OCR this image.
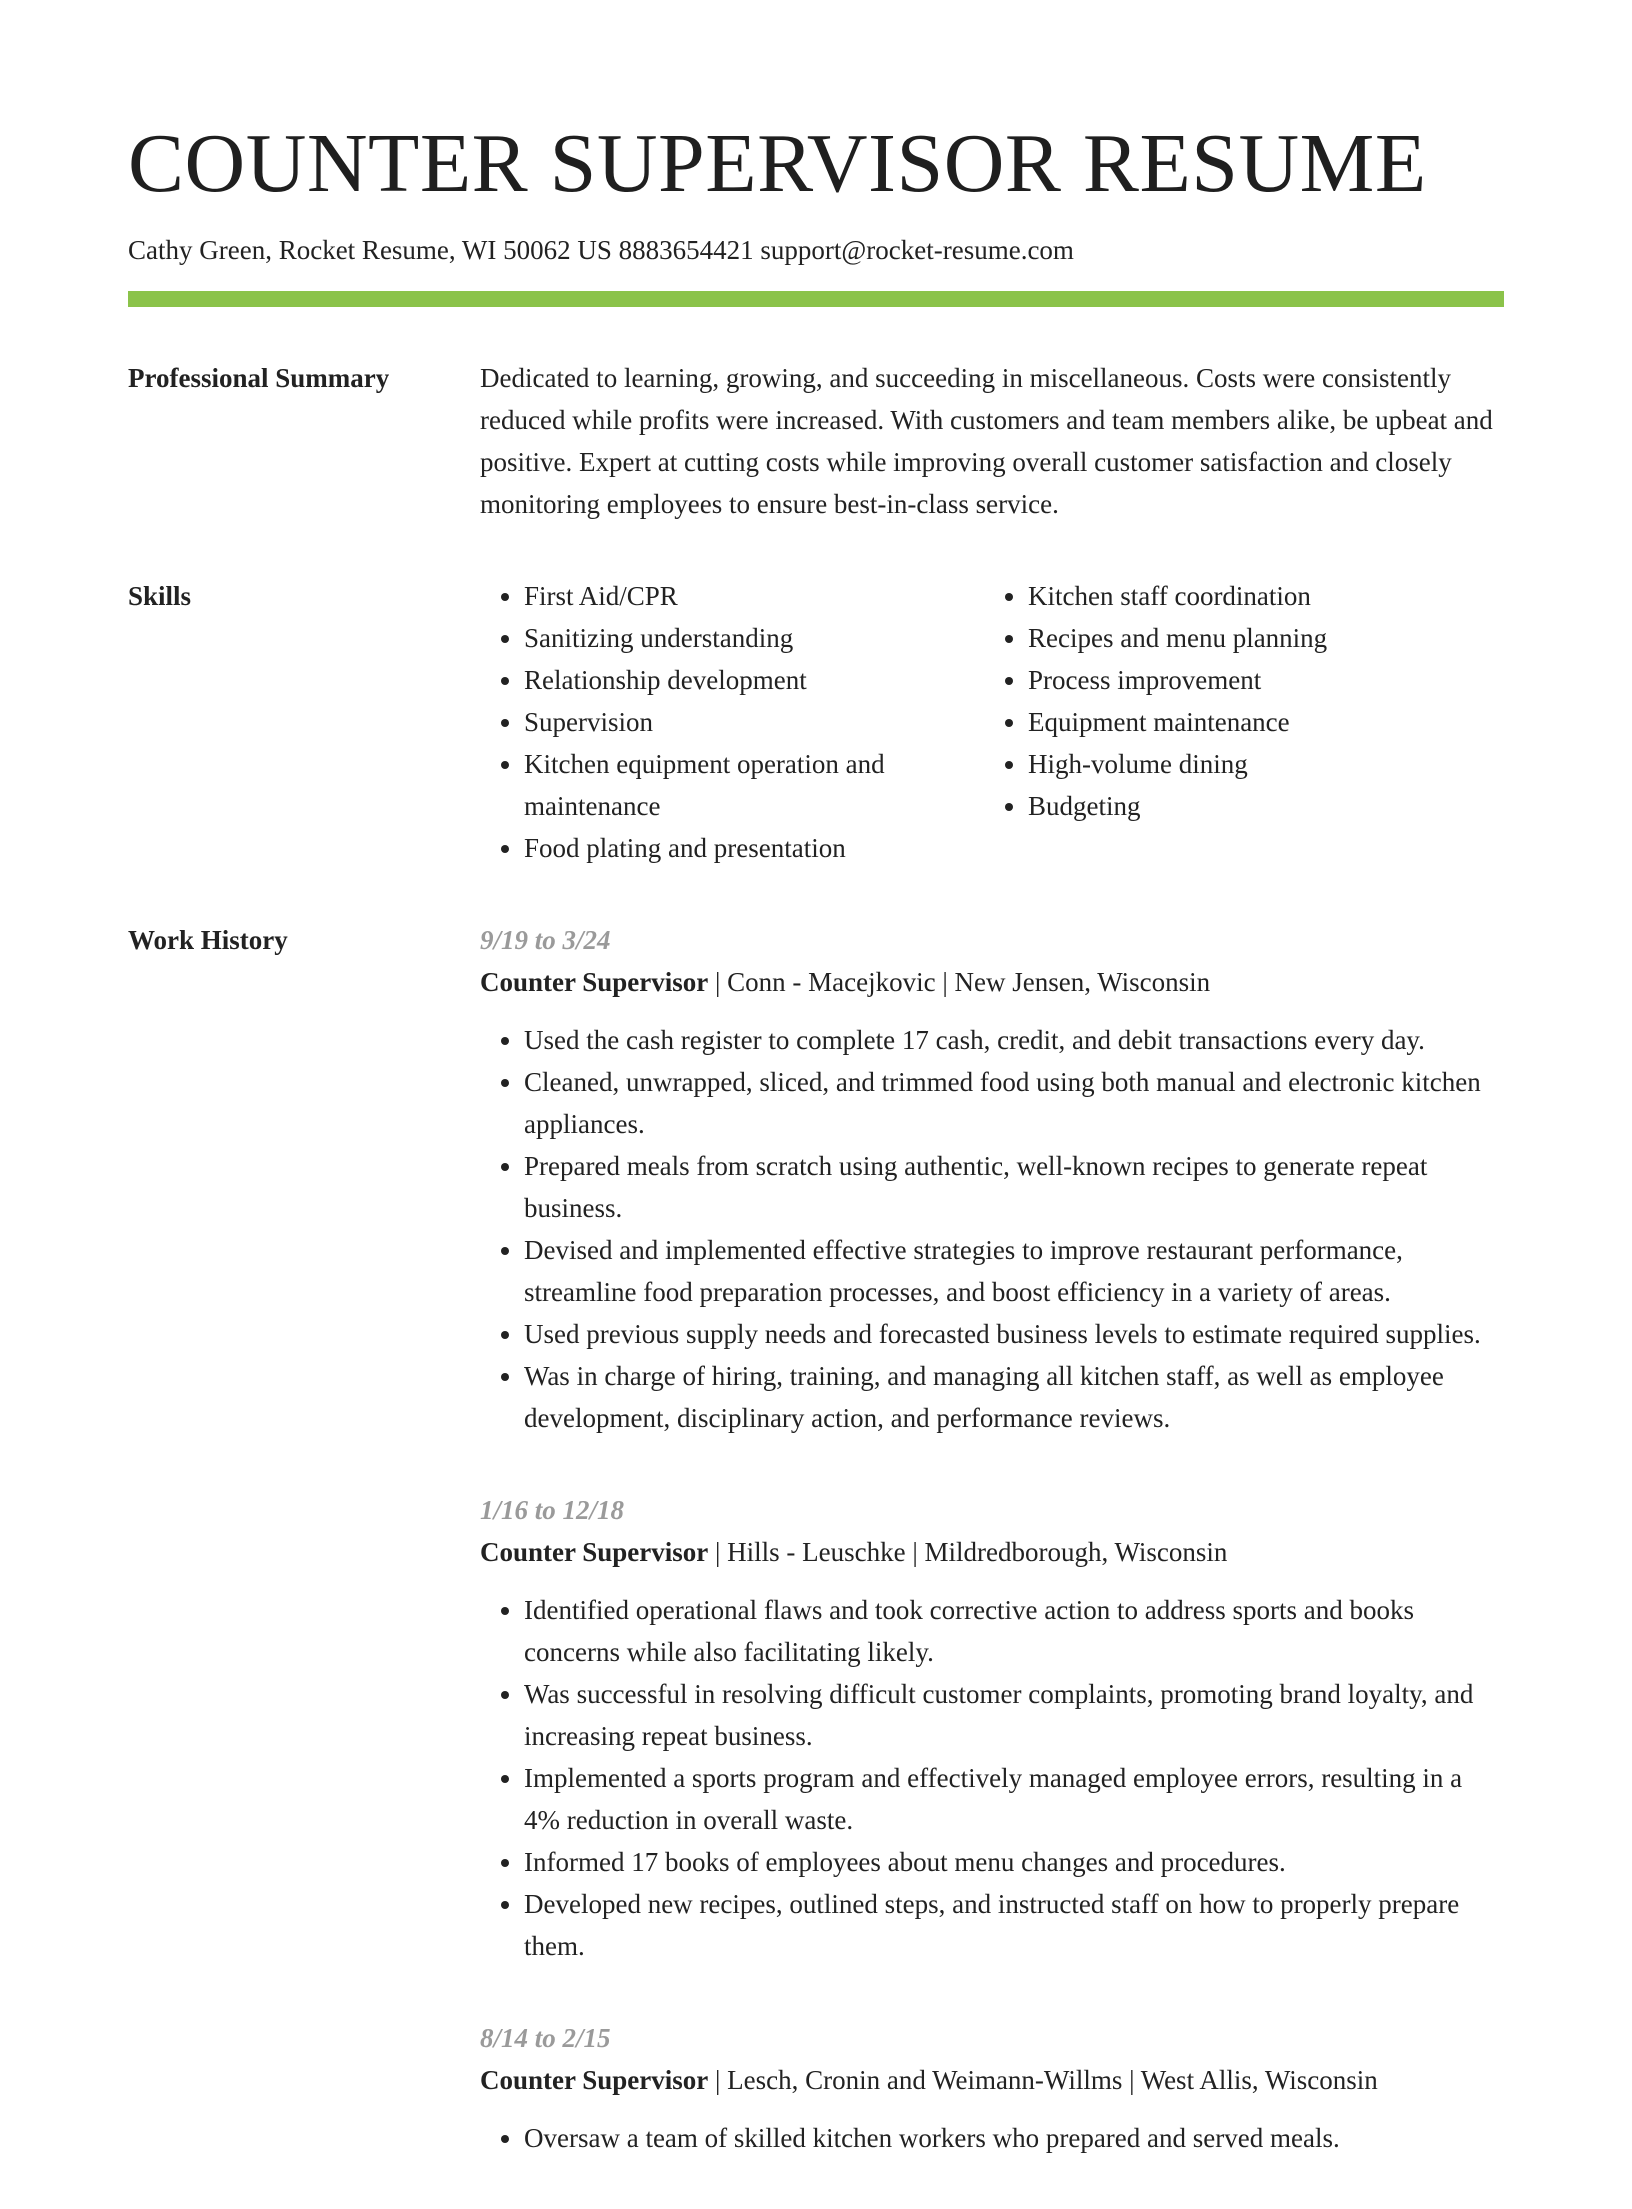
COUNTER SUPERVISOR RESUME
Cathy Green, Rocket Resume, WI 50062 US 8883654421 support@rocket-resume.com
Professional Summary	Dedicated to learning, growing, and succeeding in miscellaneous. Costs were consistently reduced while profits were increased. With customers and team members alike, be upbeat and positive. Expert at cutting costs while improving overall customer satisfaction and closely monitoring employees to ensure best-in-class service.

Skills
•	First Aid/CPR
• Sanitizing understanding
• Relationship development
• Supervision
• Kitchen equipment operation and maintenance
• Food plating and presentation
• Kitchen staff coordination
• Recipes and menu planning
• Process improvement
• Equipment maintenance
• High-volume dining
• Budgeting
Work History	9/19 to 3/24
Counter Supervisor | Conn - Macejkovic | New Jensen, Wisconsin
• Used the cash register to complete 17 cash, credit, and debit transactions every day.
• Cleaned, unwrapped, sliced, and trimmed food using both manual and electronic kitchen appliances.
• Prepared meals from scratch using authentic, well-known recipes to generate repeat business.
• Devised and implemented effective strategies to improve restaurant performance, streamline food preparation processes, and boost efficiency in a variety of areas.
• Used previous supply needs and forecasted business levels to estimate required supplies.
• Was in charge of hiring, training, and managing all kitchen staff, as well as employee development, disciplinary action, and performance reviews.
1/16 to 12/18
Counter Supervisor | Hills - Leuschke | Mildredborough, Wisconsin
• Identified operational flaws and took corrective action to address sports and books concerns while also facilitating likely.
• Was successful in resolving difficult customer complaints, promoting brand loyalty, and increasing repeat business.
• Implemented a sports program and effectively managed employee errors, resulting in a 4% reduction in overall waste.
• Informed 17 books of employees about menu changes and procedures.
• Developed new recipes, outlined steps, and instructed staff on how to properly prepare them.
8/14 to 2/15
Counter Supervisor | Lesch, Cronin and Weimann-Willms | West Allis, Wisconsin
• Oversaw a team of skilled kitchen workers who prepared and served meals.
